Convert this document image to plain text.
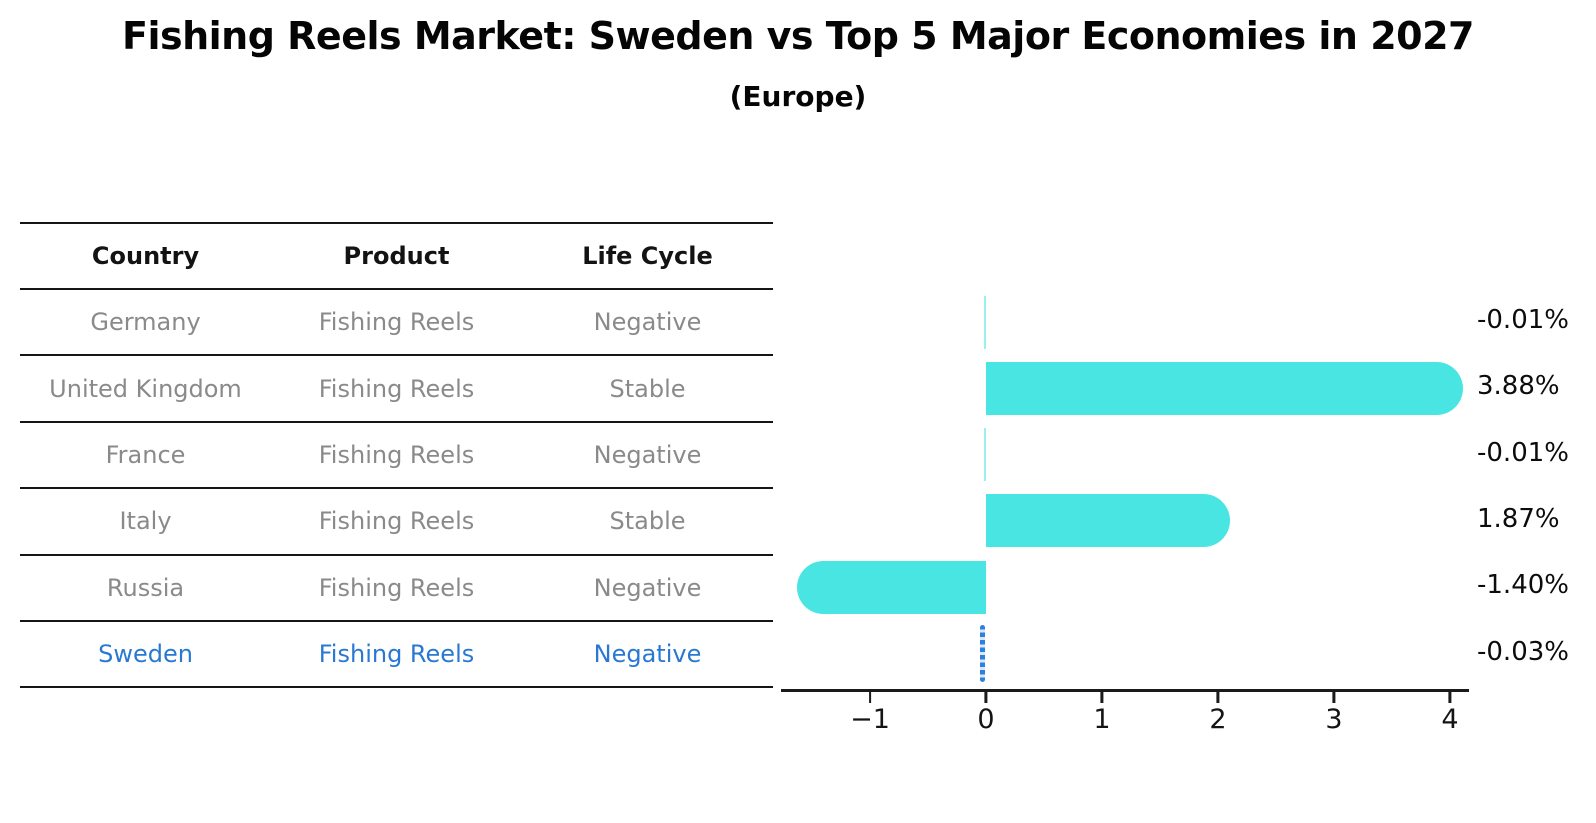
Fishing Reels Market: Sweden vs Top 5 Major Economies in 2027
(Europe)
Country	Product	Life Cycle
Germany	Fishing Reels	Negative
United Kingdom	Fishing Reels	Stable
France	Fishing Reels	Negative
Italy	Fishing Reels	Stable
Russia	Fishing Reels	Negative
Sweden	Fishing Reels	Negative
-0.01%
3.88%
-0.01%
1.87%
-1.40%
-0.03%
−1	0	1	2	3	4
